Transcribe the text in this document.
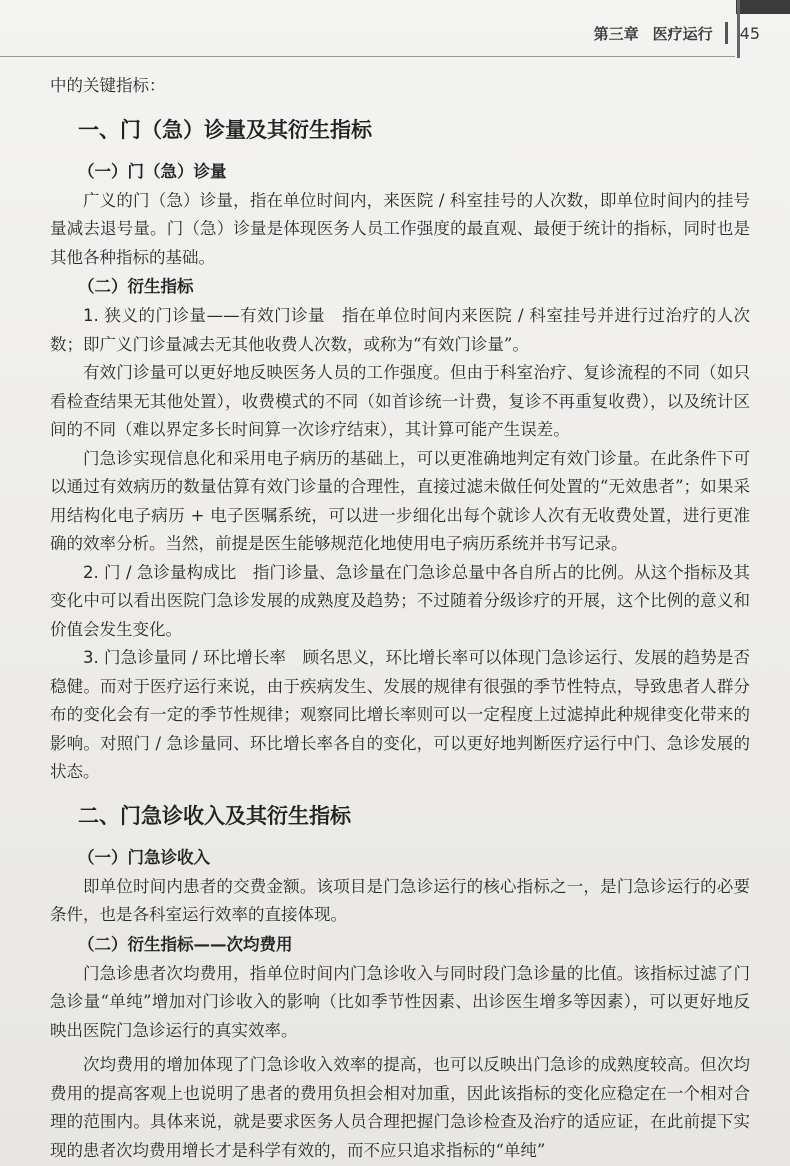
第三章 医疗运行 45

中的关键指标：

一、门（急）诊量及其衍生指标
（一）门（急）诊量

广义的门（急）诊量，指在单位时间内，来医院 / 科室挂号的人次数，即单位时间内的挂号量减去退号量。门（急）诊量是体现医务人员工作强度的最直观、最便于统计的指标，同时也是其他各种指标的基础。

（二）衍生指标

1. 狭义的门诊量——有效门诊量　 指在单位时间内来医院 / 科室挂号并进行过治疗的人次数；即广义门诊量减去无其他收费人次数，或称为“有效门诊量”。

有效门诊量可以更好地反映医务人员的工作强度。但由于科室治疗、复诊流程的不同（如只看检查结果无其他处置），收费模式的不同（如首诊统一计费，复诊不再重复收费），以及统计区间的不同（难以界定多长时间算一次诊疗结束），其计算可能产生误差。

门急诊实现信息化和采用电子病历的基础上，可以更准确地判定有效门诊量。在此条件下可以通过有效病历的数量估算有效门诊量的合理性，直接过滤未做任何处置的“无效患者”；如果采用结构化电子病历 + 电子医嘱系统，可以进一步细化出每个就诊人次有无收费处置，进行更准确的效率分析。当然，前提是医生能够规范化地使用电子病历系统并书写记录。

2. 门 / 急诊量构成比　 指门诊量、急诊量在门急诊总量中各自所占的比例。从这个指标及其变化中可以看出医院门急诊发展的成熟度及趋势；不过随着分级诊疗的开展，这个比例的意义和价值会发生变化。

3. 门急诊量同 / 环比增长率　 顾名思义，环比增长率可以体现门急诊运行、发展的趋势是否稳健。而对于医疗运行来说，由于疾病发生、发展的规律有很强的季节性特点，导致患者人群分布的变化会有一定的季节性规律；观察同比增长率则可以一定程度上过滤掉此种规律变化带来的影响。对照门 / 急诊量同、环比增长率各自的变化，可以更好地判断医疗运行中门、急诊发展的状态。

二、门急诊收入及其衍生指标
（一）门急诊收入

即单位时间内患者的交费金额。该项目是门急诊运行的核心指标之一，是门急诊运行的必要条件，也是各科室运行效率的直接体现。

（二）衍生指标——次均费用

门急诊患者次均费用，指单位时间内门急诊收入与同时段门急诊量的比值。该指标过滤了门急诊量“单纯”增加对门诊收入的影响（比如季节性因素、出诊医生增多等因素），可以更好地反映出医院门急诊运行的真实效率。

次均费用的增加体现了门急诊收入效率的提高，也可以反映出门急诊的成熟度较高。但次均费用的提高客观上也说明了患者的费用负担会相对加重，因此该指标的变化应稳定在一个相对合理的范围内。具体来说，就是要求医务人员合理把握门急诊检查及治疗的适应证，在此前提下实现的患者次均费用增长才是科学有效的，而不应只追求指标的“单纯”
